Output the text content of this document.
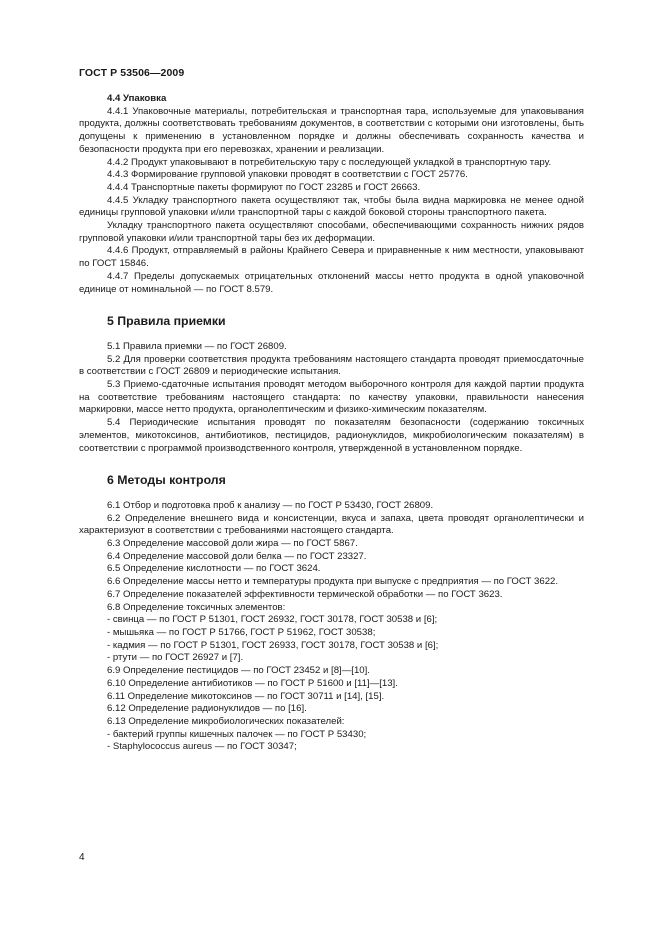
ГОСТ Р 53506—2009

4.4 Упаковка

4.4.1 Упаковочные материалы, потребительская и транспортная тара, используемые для упаковывания продукта, должны соответствовать требованиям документов, в соответствии с которыми они изготовлены, быть допущены к применению в установленном порядке и должны обеспечивать сохранность качества и безопасности продукта при его перевозках, хранении и реализации.

4.4.2 Продукт упаковывают в потребительскую тару с последующей укладкой в транспортную тару.

4.4.3 Формирование групповой упаковки проводят в соответствии с ГОСТ 25776.

4.4.4 Транспортные пакеты формируют по ГОСТ 23285 и ГОСТ 26663.

4.4.5 Укладку транспортного пакета осуществляют так, чтобы была видна маркировка не менее одной единицы групповой упаковки и/или транспортной тары с каждой боковой стороны транспортного пакета.

Укладку транспортного пакета осуществляют способами, обеспечивающими сохранность нижних рядов групповой упаковки и/или транспортной тары без их деформации.

4.4.6 Продукт, отправляемый в районы Крайнего Севера и приравненные к ним местности, упаковывают по ГОСТ 15846.

4.4.7 Пределы допускаемых отрицательных отклонений массы нетто продукта в одной упаковочной единице от номинальной — по ГОСТ 8.579.

5 Правила приемки

5.1 Правила приемки — по ГОСТ 26809.

5.2 Для проверки соответствия продукта требованиям настоящего стандарта проводят приемосдаточные в соответствии с ГОСТ 26809 и периодические испытания.

5.3 Приемо-сдаточные испытания проводят методом выборочного контроля для каждой партии продукта на соответствие требованиям настоящего стандарта: по качеству упаковки, правильности нанесения маркировки, массе нетто продукта, органолептическим и физико-химическим показателям.

5.4 Периодические испытания проводят по показателям безопасности (содержанию токсичных элементов, микотоксинов, антибиотиков, пестицидов, радионуклидов, микробиологическим показателям) в соответствии с программой производственного контроля, утвержденной в установленном порядке.

6 Методы контроля

6.1 Отбор и подготовка проб к анализу — по ГОСТ Р 53430, ГОСТ 26809.

6.2 Определение внешнего вида и консистенции, вкуса и запаха, цвета проводят органолептически и характеризуют в соответствии с требованиями настоящего стандарта.

6.3 Определение массовой доли жира — по ГОСТ 5867.

6.4 Определение массовой доли белка — по ГОСТ 23327.

6.5 Определение кислотности — по ГОСТ 3624.

6.6 Определение массы нетто и температуры продукта при выпуске с предприятия — по ГОСТ 3622.

6.7 Определение показателей эффективности термической обработки — по ГОСТ 3623.

6.8 Определение токсичных элементов:

- свинца — по ГОСТ Р 51301, ГОСТ 26932, ГОСТ 30178, ГОСТ 30538 и [6];

- мышьяка — по ГОСТ Р 51766, ГОСТ Р 51962, ГОСТ 30538;

- кадмия — по ГОСТ Р 51301, ГОСТ 26933, ГОСТ 30178, ГОСТ 30538 и [6];

- ртути — по ГОСТ 26927 и [7].

6.9 Определение пестицидов — по ГОСТ 23452 и [8]—[10].

6.10 Определение антибиотиков — по ГОСТ Р 51600 и [11]—[13].

6.11 Определение микотоксинов — по ГОСТ 30711 и [14], [15].

6.12 Определение радионуклидов — по [16].

6.13 Определение микробиологических показателей:

- бактерий группы кишечных палочек — по ГОСТ Р 53430;

- Staphylococcus aureus — по ГОСТ 30347;

4
